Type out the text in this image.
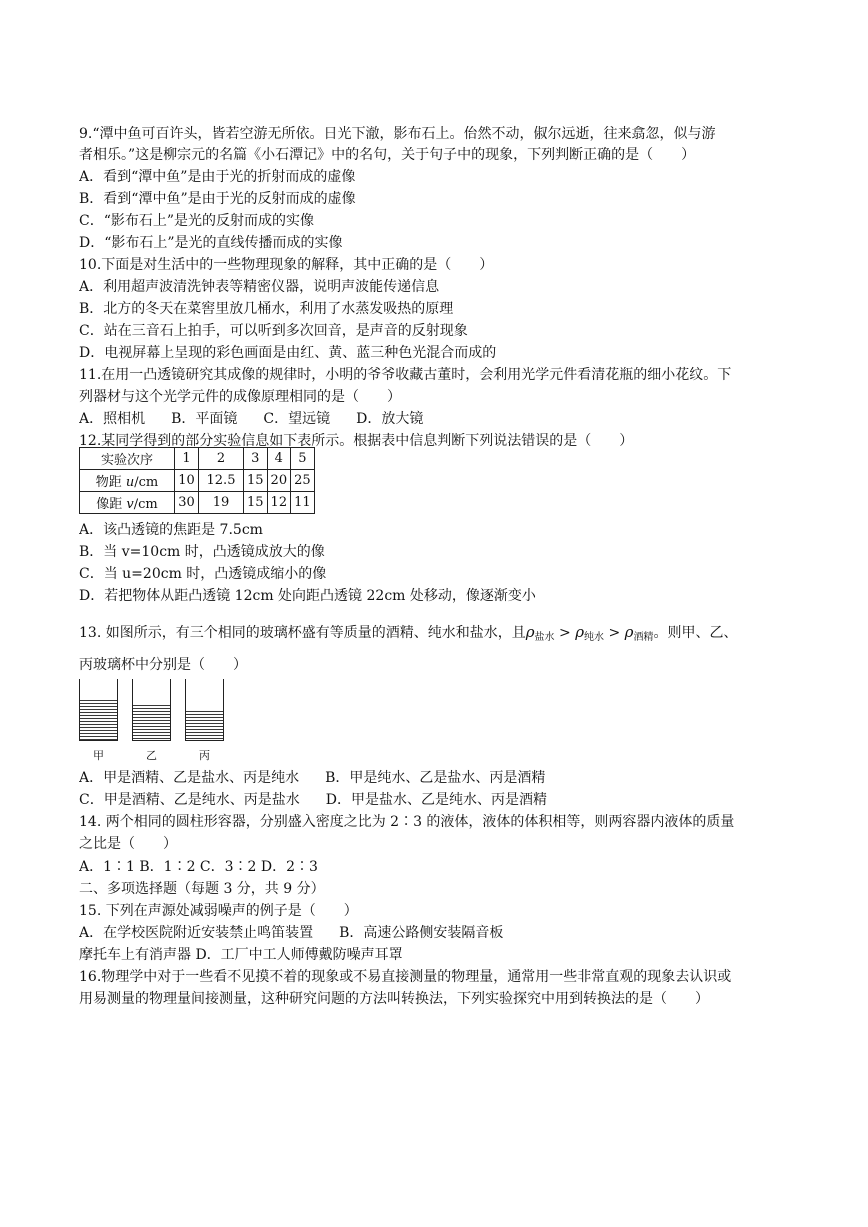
9.“潭中鱼可百许头，皆若空游无所依。日光下澈，影布石上。佁然不动，俶尔远逝，往来翕忽，似与游
者相乐。”这是柳宗元的名篇《小石潭记》中的名句，关于句子中的现象，下列判断正确的是（　　）
A．看到“潭中鱼”是由于光的折射而成的虚像
B．看到“潭中鱼”是由于光的反射而成的虚像
C．“影布石上”是光的反射而成的实像
D．“影布石上”是光的直线传播而成的实像
10.下面是对生活中的一些物理现象的解释，其中正确的是（　　）
A．利用超声波清洗钟表等精密仪器，说明声波能传递信息
B．北方的冬天在菜窖里放几桶水，利用了水蒸发吸热的原理
C．站在三音石上拍手，可以听到多次回音，是声音的反射现象
D．电视屏幕上呈现的彩色画面是由红、黄、蓝三种色光混合而成的
11.在用一凸透镜研究其成像的规律时，小明的爷爷收藏古董时，会利用光学元件看清花瓶的细小花纹。下
列器材与这个光学元件的成像原理相同的是（　　）
A．照相机 B．平面镜 C．望远镜 D．放大镜
12.某同学得到的部分实验信息如下表所示。根据表中信息判断下列说法错误的是（　　）
实验次序	1	2	3	4	5
物距 u/cm	10	12.5	15	20	25
像距 v/cm	30	19	15	12	11
A．该凸透镜的焦距是 7.5cm
B．当 v=10cm 时，凸透镜成放大的像
C．当 u=20cm 时，凸透镜成缩小的像
D．若把物体从距凸透镜 12cm 处向距凸透镜 22cm 处移动，像逐渐变小
13. 如图所示，有三个相同的玻璃杯盛有等质量的酒精、纯水和盐水，且$\rho_{盐水} > \rho_{纯水} > \rho_{酒精}$。则甲、乙、
丙玻璃杯中分别是（　　）
甲	乙	丙
A．甲是酒精、乙是盐水、丙是纯水 B．甲是纯水、乙是盐水、丙是酒精
C．甲是酒精、乙是纯水、丙是盐水 D．甲是盐水、乙是纯水、丙是酒精
14. 两个相同的圆柱形容器，分别盛入密度之比为 2∶3 的液体，液体的体积相等，则两容器内液体的质量
之比是（　　）
A．1∶1 B．1∶2 C．3∶2 D．2∶3
二、多项选择题（每题 3 分，共 9 分）
15. 下列在声源处减弱噪声的例子是（　　）
A．在学校医院附近安装禁止鸣笛装置 B．高速公路侧安装隔音板
摩托车上有消声器 D．工厂中工人师傅戴防噪声耳罩
16.物理学中对于一些看不见摸不着的现象或不易直接测量的物理量，通常用一些非常直观的现象去认识或
用易测量的物理量间接测量，这种研究问题的方法叫转换法，下列实验探究中用到转换法的是（　　）
